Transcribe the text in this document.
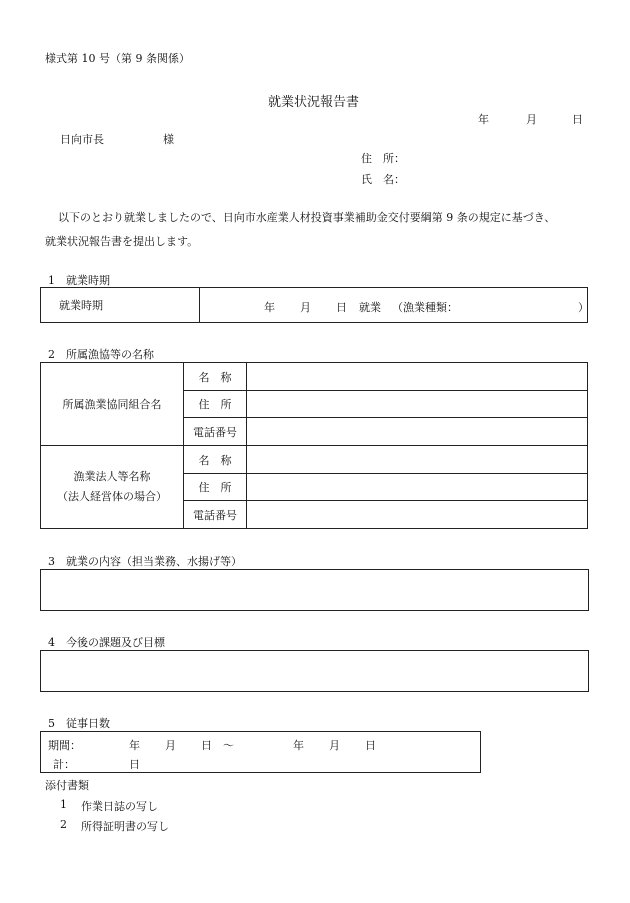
様式第 10 号（第 9 条関係）
就業状況報告書
年	月	日
日向市長	様
住　所：
氏　名：
以下のとおり就業しましたので、日向市水産業人材投資事業補助金交付要綱第 9 条の規定に基づき、
就業状況報告書を提出します。
1　就業時期
就業時期	年 月 日 就業 （漁業種類：	）
2　所属漁協等の名称
所属漁業協同組合名	名　称	
	住　所	
	電話番号	

漁業法人等名称
（法人経営体の場合）	名　称	
	住　所	
	電話番号	
3　就業の内容（担当業務、水揚げ等）
4　今後の課題及び目標
5　従事日数
期間：	年 月 日 ～	年 月 日
計：	日
添付書類
1 作業日誌の写し
2 所得証明書の写し
